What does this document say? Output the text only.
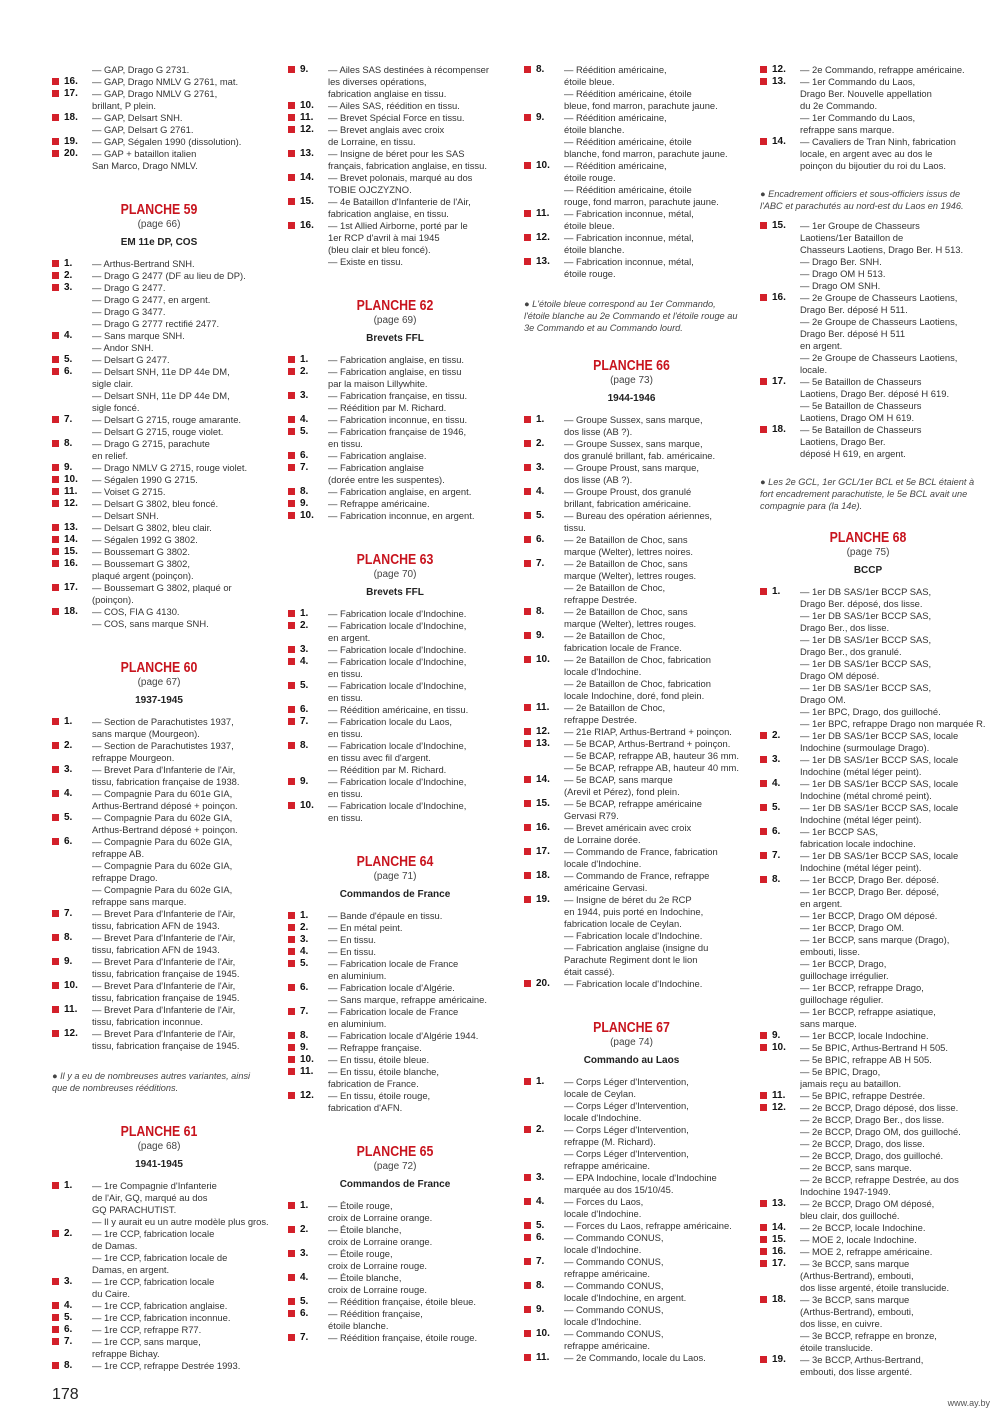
— GAP, Drago G 2731.
16.	— GAP, Drago NMLV G 2761, mat.
17.	— GAP, Drago NMLV G 2761,
brillant, P plein.
18.	— GAP, Delsart SNH.
— GAP, Delsart G 2761.
19.	— GAP, Ségalen 1990 (dissolution).
20.	— GAP + bataillon italien
San Marco, Drago NMLV.
PLANCHE 59
(page 66)
EM 11e DP, COS
1.	— Arthus-Bertrand SNH.
2.	— Drago G 2477 (DF au lieu de DP).
3.	— Drago G 2477.
— Drago G 2477, en argent.
— Drago G 3477.
— Drago G 2777 rectifié 2477.
4.	— Sans marque SNH.
— Andor SNH.
5.	— Delsart G 2477.
6.	— Delsart SNH, 11e DP 44e DM,
sigle clair.
— Delsart SNH, 11e DP 44e DM,
sigle foncé.
7.	— Delsart G 2715, rouge amarante.
— Delsart G 2715, rouge violet.
8.	— Drago G 2715, parachute
en relief.
9.	— Drago NMLV G 2715, rouge violet.
10.	— Ségalen 1990 G 2715.
11.	— Voiset G 2715.
12.	— Delsart G 3802, bleu foncé.
— Delsart SNH.
13.	— Delsart G 3802, bleu clair.
14.	— Ségalen 1992 G 3802.
15.	— Boussemart G 3802.
16.	— Boussemart G 3802,
plaqué argent (poinçon).
17.	— Boussemart G 3802, plaqué or
(poinçon).
18.	— COS, FIA G 4130.
— COS, sans marque SNH.
PLANCHE 60
(page 67)
1937-1945
1.	— Section de Parachutistes 1937,
sans marque (Mourgeon).
2.	— Section de Parachutistes 1937,
refrappe Mourgeon.
3.	— Brevet Para d'Infanterie de l'Air,
tissu, fabrication française de 1938.
4.	— Compagnie Para du 601e GIA,
Arthus-Bertrand déposé + poinçon.
5.	— Compagnie Para du 602e GIA,
Arthus-Bertrand déposé + poinçon.
6.	— Compagnie Para du 602e GIA,
refrappe AB.
— Compagnie Para du 602e GIA,
refrappe Drago.
— Compagnie Para du 602e GIA,
refrappe sans marque.
7.	— Brevet Para d'Infanterie de l'Air,
tissu, fabrication AFN de 1943.
8.	— Brevet Para d'Infanterie de l'Air,
tissu, fabrication AFN de 1943.
9.	— Brevet Para d'Infanterie de l'Air,
tissu, fabrication française de 1945.
10.	— Brevet Para d'Infanterie de l'Air,
tissu, fabrication française de 1945.
11.	— Brevet Para d'Infanterie de l'Air,
tissu, fabrication inconnue.
12.	— Brevet Para d'Infanterie de l'Air,
tissu, fabrication française de 1945.
● Il y a eu de nombreuses autres variantes, ainsi que de nombreuses rééditions.
PLANCHE 61
(page 68)
1941-1945
1.	— 1re Compagnie d'Infanterie
de l'Air, GQ, marqué au dos
GQ PARACHUTIST.
— Il y aurait eu un autre modèle plus gros.
2.	— 1re CCP, fabrication locale
de Damas.
— 1re CCP, fabrication locale de
Damas, en argent.
3.	— 1re CCP, fabrication locale
du Caire.
4.	— 1re CCP, fabrication anglaise.
5.	— 1re CCP, fabrication inconnue.
6.	— 1re CCP, refrappe R77.
7.	— 1re CCP, sans marque,
refrappe Bichay.
8.	— 1re CCP, refrappe Destrée 1993.
9.	— Ailes SAS destinées à récompenser
les diverses opérations,
fabrication anglaise en tissu.
10.	— Ailes SAS, réédition en tissu.
11.	— Brevet Spécial Force en tissu.
12.	— Brevet anglais avec croix
de Lorraine, en tissu.
13.	— Insigne de béret pour les SAS
français, fabrication anglaise, en tissu.
14.	— Brevet polonais, marqué au dos
TOBIE OJCZYZNO.
15.	— 4e Bataillon d'Infanterie de l'Air,
fabrication anglaise, en tissu.
16.	— 1st Allied Airborne, porté par le
1er RCP d'avril à mai 1945
(bleu clair et bleu foncé).
— Existe en tissu.
PLANCHE 62
(page 69)
Brevets FFL
1.	— Fabrication anglaise, en tissu.
2.	— Fabrication anglaise, en tissu
par la maison Lillywhite.
3.	— Fabrication française, en tissu.
— Réédition par M. Richard.
4.	— Fabrication inconnue, en tissu.
5.	— Fabrication française de 1946,
en tissu.
6.	— Fabrication anglaise.
7.	— Fabrication anglaise
(dorée entre les suspentes).
8.	— Fabrication anglaise, en argent.
9.	— Refrappe américaine.
10.	— Fabrication inconnue, en argent.
PLANCHE 63
(page 70)
Brevets FFL
1.	— Fabrication locale d'Indochine.
2.	— Fabrication locale d'Indochine,
en argent.
3.	— Fabrication locale d'Indochine.
4.	— Fabrication locale d'Indochine,
en tissu.
5.	— Fabrication locale d'Indochine,
en tissu.
6.	— Réédition américaine, en tissu.
7.	— Fabrication locale du Laos,
en tissu.
8.	— Fabrication locale d'Indochine,
en tissu avec fil d'argent.
— Réédition par M. Richard.
9.	— Fabrication locale d'Indochine,
en tissu.
10.	— Fabrication locale d'Indochine,
en tissu.
PLANCHE 64
(page 71)
Commandos de France
1.	— Bande d'épaule en tissu.
2.	— En métal peint.
3.	— En tissu.
4.	— En tissu.
5.	— Fabrication locale de France
en aluminium.
6.	— Fabrication locale d'Algérie.
— Sans marque, refrappe américaine.
7.	— Fabrication locale de France
en aluminium.
8.	— Fabrication locale d'Algérie 1944.
9.	— Refrappe française.
10.	— En tissu, étoile bleue.
11.	— En tissu, étoile blanche,
fabrication de France.
12.	— En tissu, étoile rouge,
fabrication d'AFN.
PLANCHE 65
(page 72)
Commandos de France
1.	— Étoile rouge,
croix de Lorraine orange.
2.	— Étoile blanche,
croix de Lorraine orange.
3.	— Étoile rouge,
croix de Lorraine rouge.
4.	— Étoile blanche,
croix de Lorraine rouge.
5.	— Réédition française, étoile bleue.
6.	— Réédition française,
étoile blanche.
7.	— Réédition française, étoile rouge.
8.	— Réédition américaine,
étoile bleue.
— Réédition américaine, étoile
bleue, fond marron, parachute jaune.
9.	— Réédition américaine,
étoile blanche.
— Réédition américaine, étoile
blanche, fond marron, parachute jaune.
10.	— Réédition américaine,
étoile rouge.
— Réédition américaine, étoile
rouge, fond marron, parachute jaune.
11.	— Fabrication inconnue, métal,
étoile bleue.
12.	— Fabrication inconnue, métal,
étoile blanche.
13.	— Fabrication inconnue, métal,
étoile rouge.
● L'étoile bleue correspond au 1er Commando, l'étoile blanche au 2e Commando et l'étoile rouge au 3e Commando et au Commando lourd.
PLANCHE 66
(page 73)
1944-1946
1.	— Groupe Sussex, sans marque,
dos lisse (AB ?).
2.	— Groupe Sussex, sans marque,
dos granulé brillant, fab. américaine.
3.	— Groupe Proust, sans marque,
dos lisse (AB ?).
4.	— Groupe Proust, dos granulé
brillant, fabrication américaine.
5.	— Bureau des opération aériennes,
tissu.
6.	— 2e Bataillon de Choc, sans
marque (Welter), lettres noires.
7.	— 2e Bataillon de Choc, sans
marque (Welter), lettres rouges.
— 2e Bataillon de Choc,
refrappe Destrée.
8.	— 2e Bataillon de Choc, sans
marque (Welter), lettres rouges.
9.	— 2e Bataillon de Choc,
fabrication locale de France.
10.	— 2e Bataillon de Choc, fabrication
locale d'Indochine.
— 2e Bataillon de Choc, fabrication
locale Indochine, doré, fond plein.
11.	— 2e Bataillon de Choc,
refrappe Destrée.
12.	— 21e RIAP, Arthus-Bertrand + poinçon.
13.	— 5e BCAP, Arthus-Bertrand + poinçon.
— 5e BCAP, refrappe AB, hauteur 36 mm.
— 5e BCAP, refrappe AB, hauteur 40 mm.
14.	— 5e BCAP, sans marque
(Arevil et Pérez), fond plein.
15.	— 5e BCAP, refrappe américaine
Gervasi R79.
16.	— Brevet américain avec croix
de Lorraine dorée.
17.	— Commando de France, fabrication
locale d'Indochine.
18.	— Commando de France, refrappe
américaine Gervasi.
19.	— Insigne de béret du 2e RCP
en 1944, puis porté en Indochine,
fabrication locale de Ceylan.
— Fabrication locale d'Indochine.
— Fabrication anglaise (insigne du
Parachute Regiment dont le lion
était cassé).
20.	— Fabrication locale d'Indochine.
PLANCHE 67
(page 74)
Commando au Laos
1.	— Corps Léger d'Intervention,
locale de Ceylan.
— Corps Léger d'Intervention,
locale d'Indochine.
2.	— Corps Léger d'Intervention,
refrappe (M. Richard).
— Corps Léger d'Intervention,
refrappe américaine.
3.	— EPA Indochine, locale d'Indochine
marquée au dos 15/10/45.
4.	— Forces du Laos,
locale d'Indochine.
5.	— Forces du Laos, refrappe américaine.
6.	— Commando CONUS,
locale d'Indochine.
7.	— Commando CONUS,
refrappe américaine.
8.	— Commando CONUS,
locale d'Indochine, en argent.
9.	— Commando CONUS,
locale d'Indochine.
10.	— Commando CONUS,
refrappe américaine.
11.	— 2e Commando, locale du Laos.
12.	— 2e Commando, refrappe américaine.
13.	— 1er Commando du Laos,
Drago Ber. Nouvelle appellation
du 2e Commando.
— 1er Commando du Laos,
refrappe sans marque.
14.	— Cavaliers de Tran Ninh, fabrication
locale, en argent avec au dos le
poinçon du bijoutier du roi du Laos.
● Encadrement officiers et sous-officiers issus de l'ABC et parachutés au nord-est du Laos en 1946.
15.	— 1er Groupe de Chasseurs
Laotiens/1er Bataillon de
Chasseurs Laotiens, Drago Ber. H 513.
— Drago Ber. SNH.
— Drago OM H 513.
— Drago OM SNH.
16.	— 2e Groupe de Chasseurs Laotiens,
Drago Ber. déposé H 511.
— 2e Groupe de Chasseurs Laotiens,
Drago Ber. déposé H 511
en argent.
— 2e Groupe de Chasseurs Laotiens,
locale.
17.	— 5e Bataillon de Chasseurs
Laotiens, Drago Ber. déposé H 619.
— 5e Bataillon de Chasseurs
Laotiens, Drago OM H 619.
18.	— 5e Bataillon de Chasseurs
Laotiens, Drago Ber.
déposé H 619, en argent.
● Les 2e GCL, 1er GCL/1er BCL et 5e BCL étaient à fort encadrement parachutiste, le 5e BCL avait une compagnie para (la 14e).
PLANCHE 68
(page 75)
BCCP
1.	— 1er DB SAS/1er BCCP SAS,
Drago Ber. déposé, dos lisse.
— 1er DB SAS/1er BCCP SAS,
Drago Ber., dos lisse.
— 1er DB SAS/1er BCCP SAS,
Drago Ber., dos granulé.
— 1er DB SAS/1er BCCP SAS,
Drago OM déposé.
— 1er DB SAS/1er BCCP SAS,
Drago OM.
— 1er BPC, Drago, dos guilloché.
— 1er BPC, refrappe Drago non marquée R.
2.	— 1er DB SAS/1er BCCP SAS, locale
Indochine (surmoulage Drago).
3.	— 1er DB SAS/1er BCCP SAS, locale
Indochine (métal léger peint).
4.	— 1er DB SAS/1er BCCP SAS, locale
Indochine (métal chromé peint).
5.	— 1er DB SAS/1er BCCP SAS, locale
Indochine (métal léger peint).
6.	— 1er BCCP SAS,
fabrication locale indochine.
7.	— 1er DB SAS/1er BCCP SAS, locale
Indochine (métal léger peint).
8.	— 1er BCCP, Drago Ber. déposé.
— 1er BCCP, Drago Ber. déposé,
en argent.
— 1er BCCP, Drago OM déposé.
— 1er BCCP, Drago OM.
— 1er BCCP, sans marque (Drago),
embouti, lisse.
— 1er BCCP, Drago,
guillochage irrégulier.
— 1er BCCP, refrappe Drago,
guillochage régulier.
— 1er BCCP, refrappe asiatique,
sans marque.
9.	— 1er BCCP, locale Indochine.
10.	— 5e BPIC, Arthus-Bertrand H 505.
— 5e BPIC, refrappe AB H 505.
— 5e BPIC, Drago,
jamais reçu au bataillon.
11.	— 5e BPIC, refrappe Destrée.
12.	— 2e BCCP, Drago déposé, dos lisse.
— 2e BCCP, Drago Ber., dos lisse.
— 2e BCCP, Drago OM, dos guilloché.
— 2e BCCP, Drago, dos lisse.
— 2e BCCP, Drago, dos guilloché.
— 2e BCCP, sans marque.
— 2e BCCP, refrappe Destrée, au dos
Indochine 1947-1949.
13.	— 2e BCCP, Drago OM déposé,
bleu clair, dos guilloché.
14.	— 2e BCCP, locale Indochine.
15.	— MOE 2, locale Indochine.
16.	— MOE 2, refrappe américaine.
17.	— 3e BCCP, sans marque
(Arthus-Bertrand), embouti,
dos lisse argenté, étoile translucide.
18.	— 3e BCCP, sans marque
(Arthus-Bertrand), embouti,
dos lisse, en cuivre.
— 3e BCCP, refrappe en bronze,
étoile translucide.
19.	— 3e BCCP, Arthus-Bertrand,
embouti, dos lisse argenté.
178	www.ay.by
